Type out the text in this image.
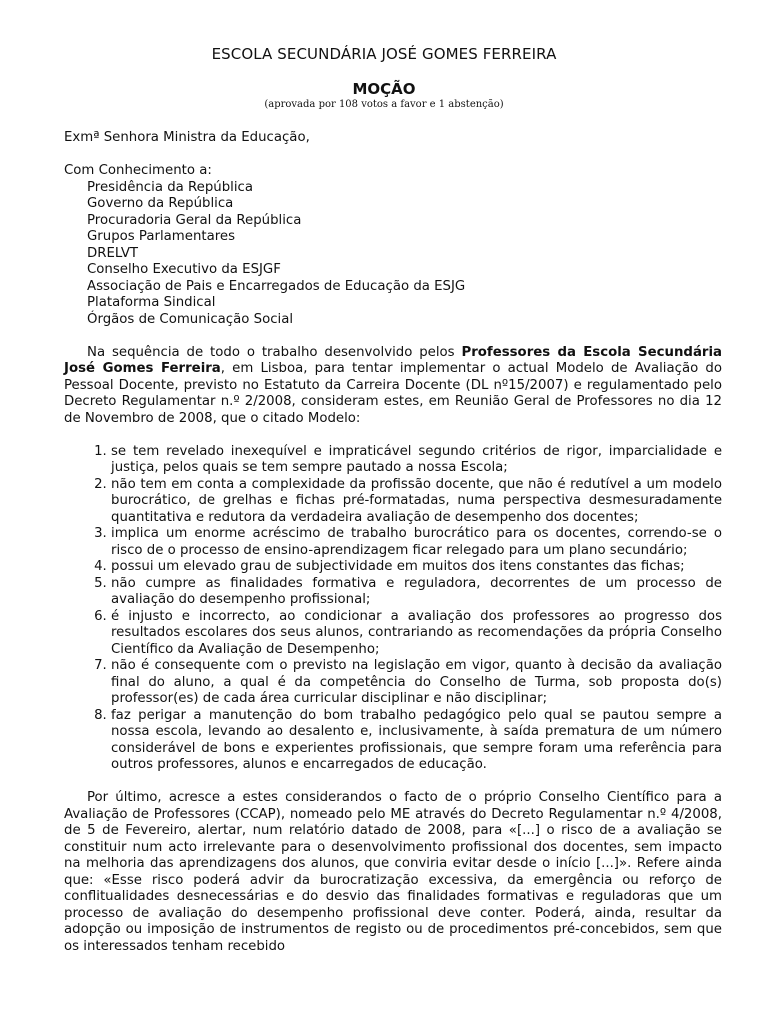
ESCOLA SECUNDÁRIA JOSÉ GOMES FERREIRA
MOÇÃO
(aprovada por 108 votos a favor e 1 abstenção)

Exmª Senhora Ministra da Educação,

Com Conhecimento a:

Presidência da República
Governo da República
Procuradoria Geral da República
Grupos Parlamentares
DRELVT
Conselho Executivo da ESJGF
Associação de Pais e Encarregados de Educação da ESJG
Plataforma Sindical
Órgãos de Comunicação Social

Na sequência de todo o trabalho desenvolvido pelos Professores da Escola Secundária José Gomes Ferreira, em Lisboa, para tentar implementar o actual Modelo de Avaliação do Pessoal Docente, previsto no Estatuto da Carreira Docente (DL nº15/2007) e regulamentado pelo Decreto Regulamentar n.º 2/2008, consideram estes, em Reunião Geral de Professores no dia 12 de Novembro de 2008, que o citado Modelo:

1. se tem revelado inexequível e impraticável segundo critérios de rigor, imparcialidade e justiça, pelos quais se tem sempre pautado a nossa Escola;
2. não tem em conta a complexidade da profissão docente, que não é redutível a um modelo burocrático, de grelhas e fichas pré-formatadas, numa perspectiva desmesuradamente quantitativa e redutora da verdadeira avaliação de desempenho dos docentes;
3. implica um enorme acréscimo de trabalho burocrático para os docentes, correndo-se o risco de o processo de ensino-aprendizagem ficar relegado para um plano secundário;
4. possui um elevado grau de subjectividade em muitos dos itens constantes das fichas;
5. não cumpre as finalidades formativa e reguladora, decorrentes de um processo de avaliação do desempenho profissional;
6. é injusto e incorrecto, ao condicionar a avaliação dos professores ao progresso dos resultados escolares dos seus alunos, contrariando as recomendações da própria Conselho Científico da Avaliação de Desempenho;
7. não é consequente com o previsto na legislação em vigor, quanto à decisão da avaliação final do aluno, a qual é da competência do Conselho de Turma, sob proposta do(s) professor(es) de cada área curricular disciplinar e não disciplinar;
8. faz perigar a manutenção do bom trabalho pedagógico pelo qual se pautou sempre a nossa escola, levando ao desalento e, inclusivamente, à saída prematura de um número considerável de bons e experientes profissionais, que sempre foram uma referência para outros professores, alunos e encarregados de educação.

Por último, acresce a estes considerandos o facto de o próprio Conselho Científico para a Avaliação de Professores (CCAP), nomeado pelo ME através do Decreto Regulamentar n.º 4/2008, de 5 de Fevereiro, alertar, num relatório datado de 2008, para «[...] o risco de a avaliação se constituir num acto irrelevante para o desenvolvimento profissional dos docentes, sem impacto na melhoria das aprendizagens dos alunos, que conviria evitar desde o início [...]». Refere ainda que: «Esse risco poderá advir da burocratização excessiva, da emergência ou reforço de conflitualidades desnecessárias e do desvio das finalidades formativas e reguladoras que um processo de avaliação do desempenho profissional deve conter. Poderá, ainda, resultar da adopção ou imposição de instrumentos de registo ou de procedimentos pré-concebidos, sem que os interessados tenham recebido
